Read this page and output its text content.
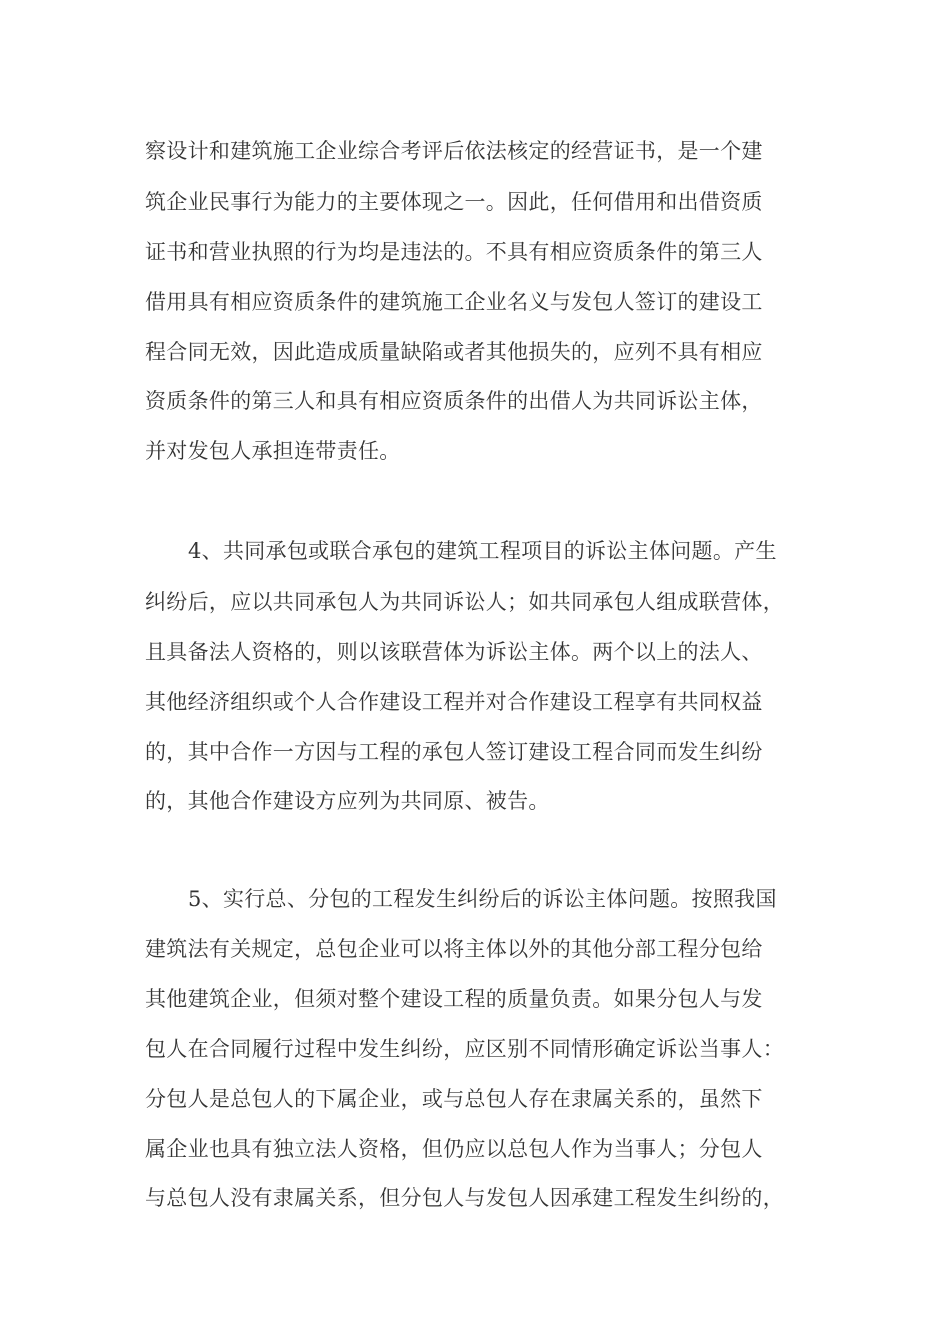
察设计和建筑施工企业综合考评后依法核定的经营证书，是一个建
筑企业民事行为能力的主要体现之一。因此，任何借用和出借资质
证书和营业执照的行为均是违法的。不具有相应资质条件的第三人
借用具有相应资质条件的建筑施工企业名义与发包人签订的建设工
程合同无效，因此造成质量缺陷或者其他损失的，应列不具有相应
资质条件的第三人和具有相应资质条件的出借人为共同诉讼主体，
并对发包人承担连带责任。
4、共同承包或联合承包的建筑工程项目的诉讼主体问题。产生
纠纷后，应以共同承包人为共同诉讼人；如共同承包人组成联营体，
且具备法人资格的，则以该联营体为诉讼主体。两个以上的法人、
其他经济组织或个人合作建设工程并对合作建设工程享有共同权益
的，其中合作一方因与工程的承包人签订建设工程合同而发生纠纷
的，其他合作建设方应列为共同原、被告。
5、实行总、分包的工程发生纠纷后的诉讼主体问题。按照我国
建筑法有关规定，总包企业可以将主体以外的其他分部工程分包给
其他建筑企业，但须对整个建设工程的质量负责。如果分包人与发
包人在合同履行过程中发生纠纷，应区别不同情形确定诉讼当事人：
分包人是总包人的下属企业，或与总包人存在隶属关系的，虽然下
属企业也具有独立法人资格，但仍应以总包人作为当事人；分包人
与总包人没有隶属关系，但分包人与发包人因承建工程发生纠纷的，
